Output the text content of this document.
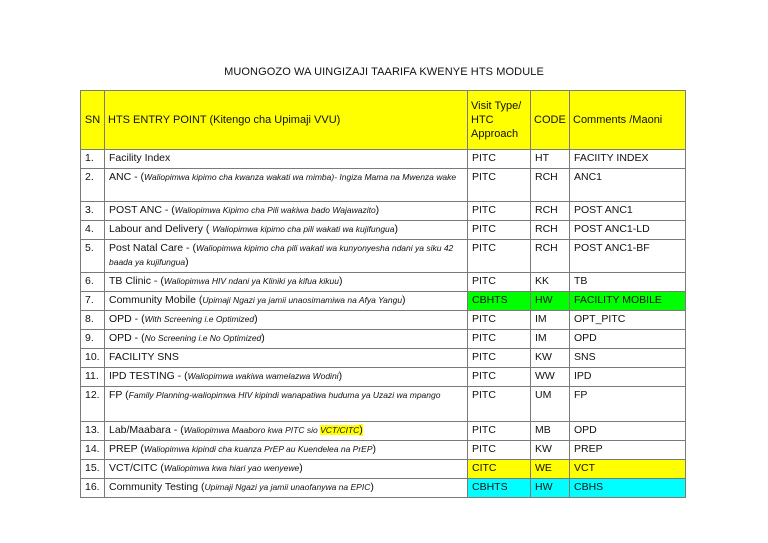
MUONGOZO WA UINGIZAJI TAARIFA KWENYE HTS MODULE
SN	HTS ENTRY POINT (Kitengo cha Upimaji VVU)	Visit Type/ HTC Approach	CODE	Comments /Maoni
1.	Facility Index	PITC	HT	FACIITY INDEX
2.	ANC - (Waliopimwa kipimo cha kwanza wakati wa mimba)- Ingiza Mama na Mwenza wake	PITC	RCH	ANC1
3.	POST ANC - (Waliopimwa Kipimo cha Pili wakiwa bado Wajawazito)	PITC	RCH	POST ANC1
4.	Labour and Delivery ( Waliopimwa kipimo cha pili wakati wa kujifungua)	PITC	RCH	POST ANC1-LD
5.	Post Natal Care - (Waliopimwa kipimo cha pili wakati wa kunyonyesha ndani ya siku 42 baada ya kujifungua)	PITC	RCH	POST ANC1-BF
6.	TB Clinic - (Waliopimwa HIV ndani ya Kliniki ya kifua kikuu)	PITC	KK	TB
7.	Community Mobile (Upimaji Ngazi ya jamii unaosimamiwa na Afya Yangu)	CBHTS	HW	FACILITY MOBILE
8.	OPD - (With Screening i.e Optimized)	PITC	IM	OPT_PITC
9.	OPD - (No Screening i.e No Optimized)	PITC	IM	OPD
10.	FACILITY SNS	PITC	KW	SNS
11.	IPD TESTING - (Waliopimwa wakiwa wamelazwa Wodini)	PITC	WW	IPD
12.	FP (Family Planning-waliopimwa HIV kipindi wanapatiwa huduma ya Uzazi wa mpango	PITC	UM	FP
13.	Lab/Maabara - (Waliopimwa Maaboro kwa PITC sio VCT/CITC)	PITC	MB	OPD
14.	PREP (Waliopimwa kipindi cha kuanza PrEP au Kuendelea na PrEP)	PITC	KW	PREP
15.	VCT/CITC (Waliopimwa kwa hiari yao wenyewe)	CITC	WE	VCT
16.	Community Testing (Upimaji Ngazi ya jamii unaofanywa na EPIC)	CBHTS	HW	CBHS
